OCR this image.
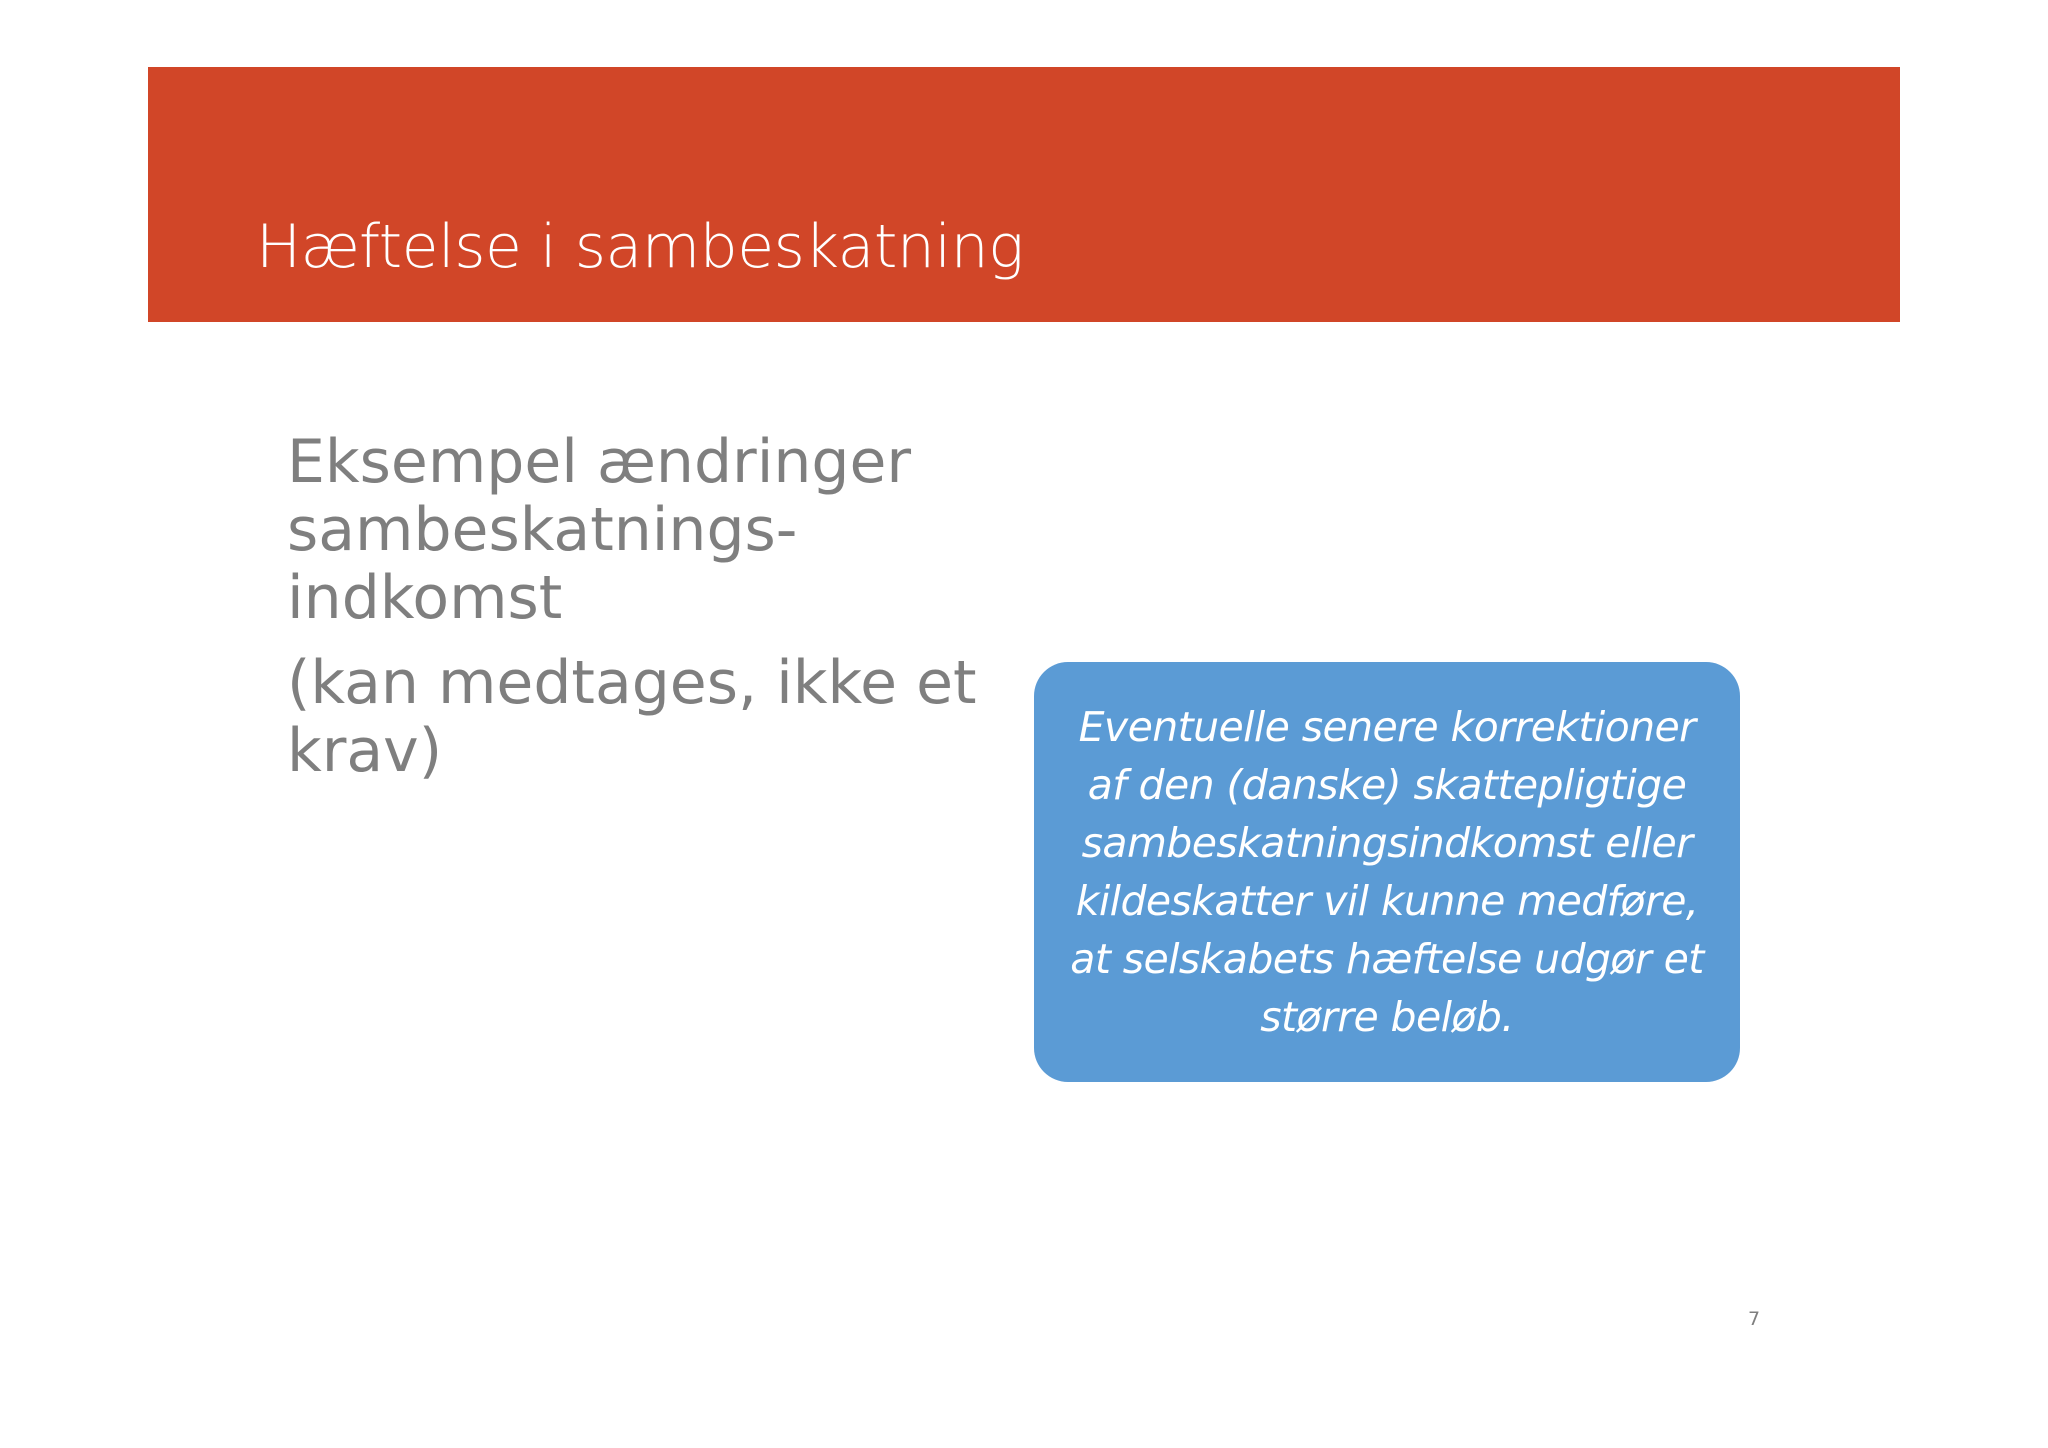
Hæftelse i sambeskatning

Eksempel ændringer
sambeskatnings-
indkomst

(kan medtages, ikke et
krav)	Eventuelle senere korrektioner
af den (danske) skattepligtige
sambeskatningsindkomst eller
kildeskatter vil kunne medføre,
at selskabets hæftelse udgør et
større beløb.
7
